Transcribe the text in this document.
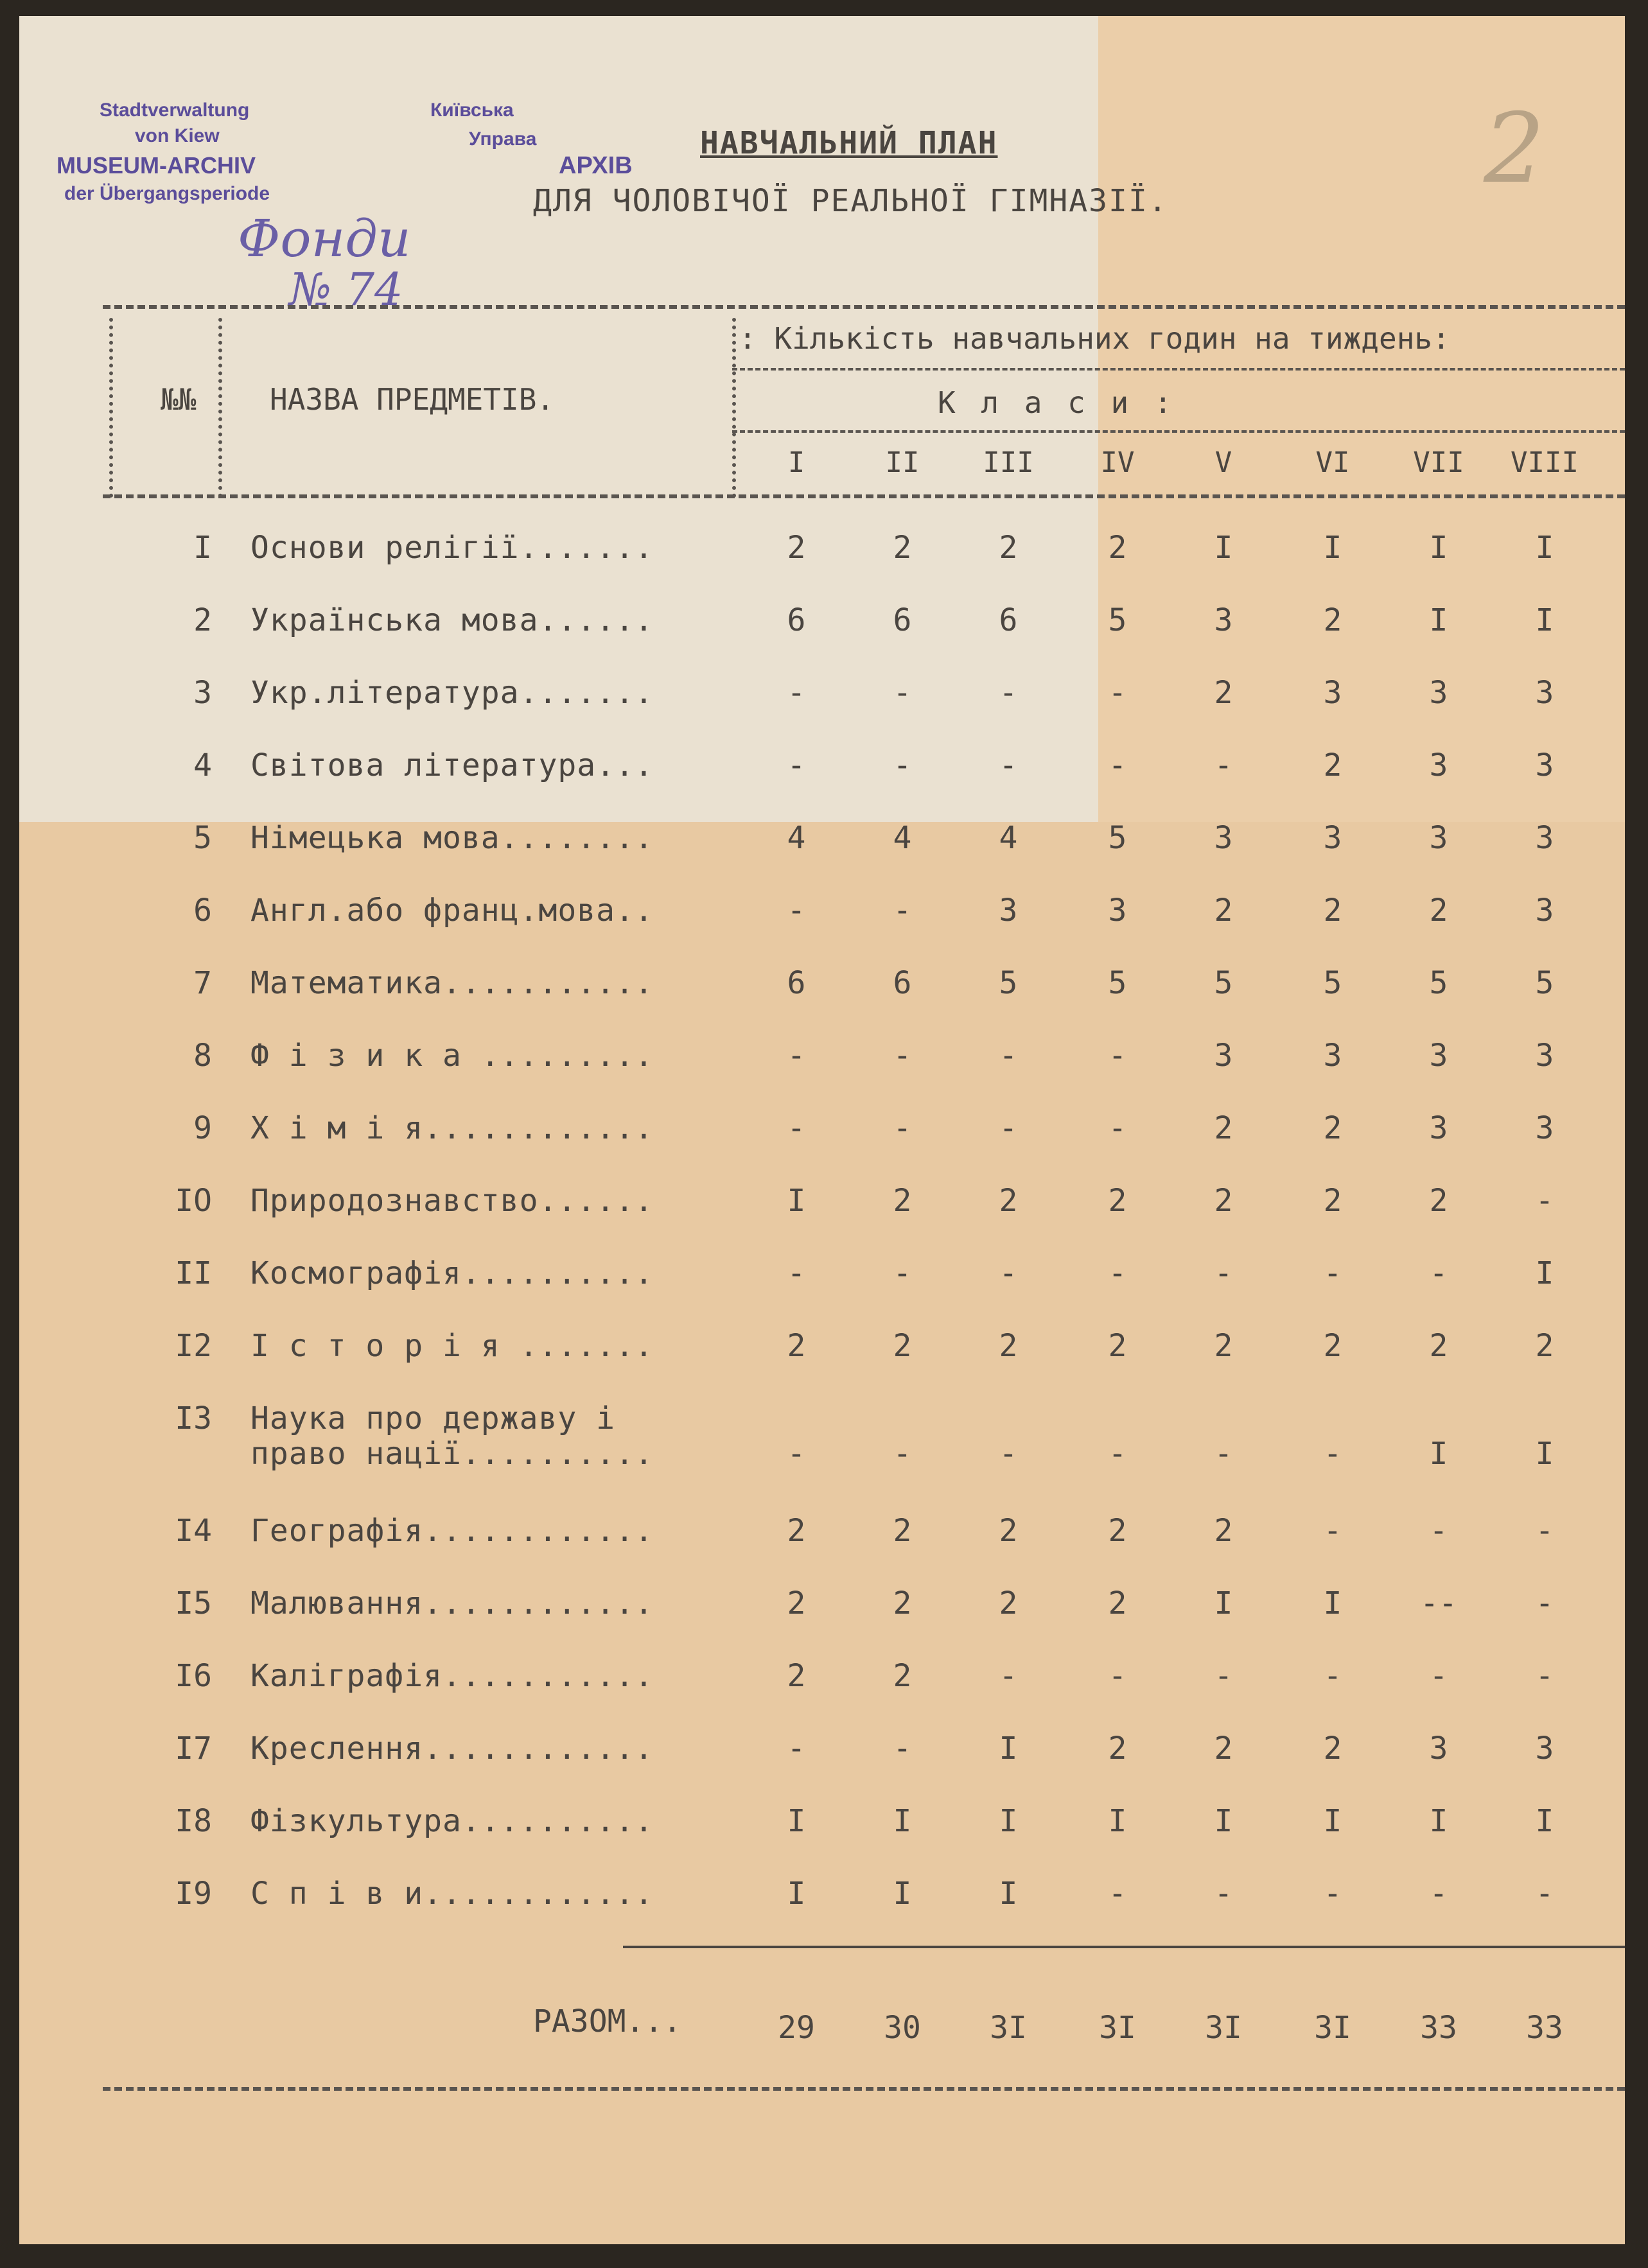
Stadtverwaltung	Київська
von Kiew	Управа
MUSEUM-ARCHIV	АРХІВ
der Übergangsperiode
Фонди
№ 74
НАВЧАЛЬНИЙ ПЛАН
ДЛЯ ЧОЛОВІЧОЇ РЕАЛЬНОЇ ГІМНАЗІЇ.	2
№№ НАЗВА ПРЕДМЕТІВ.
: Кількість навчальних годин на тиждень:
К л а с и :
I	II	III	IV	V	VI	VII	VIII
I Основи релігії.......	2	2	2	2	I	I	I	I
2 Українська мова......	6	6	6	5	3	2	I	I
3 Укр.література.......	-	-	-	-	2	3	3	3
4 Світова література...	-	-	-	-	-	2	3	3
5 Німецька мова........	4	4	4	5	3	3	3	3
6 Англ.або франц.мова..	-	-	3	3	2	2	2	3
7 Математика...........	6	6	5	5	5	5	5	5
8 Ф і з и к а .........	-	-	-	-	3	3	3	3
9 Х і м і я............	-	-	-	-	2	2	3	3
IO Природознавство......	I	2	2	2	2	2	2	-
II Космографія..........	-	-	-	-	-	-	-	I
I2 І с т о р і я .......	2	2	2	2	2	2	2	2
I3 Наука про державу і
право нації..........	-	-	-	-	-	-	I	I
I4 Географія............	2	2	2	2	2	-	-	-
I5 Малювання............	2	2	2	2	I	I	--	-
I6 Каліграфія...........	2	2	-	-	-	-	-	-
I7 Креслення............	-	-	I	2	2	2	3	3
I8 Фізкультура..........	I	I	I	I	I	I	I	I
I9 С п і в и............	I	I	I	-	-	-	-	-
РАЗОМ...	29	30	3I	3I	3I	3I	33	33
